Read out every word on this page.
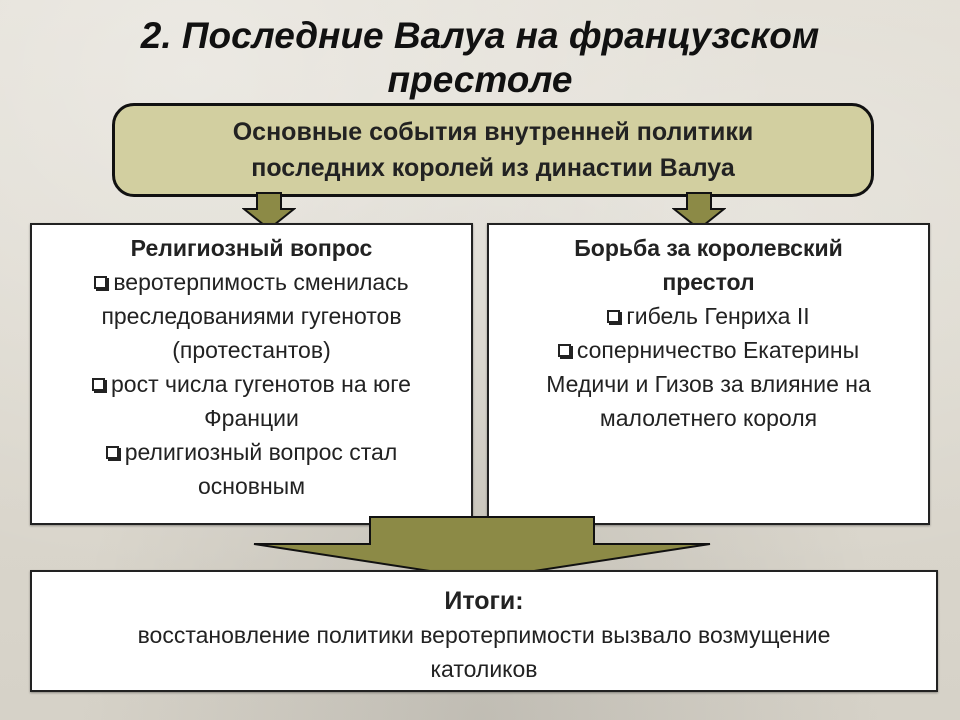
2. Последние Валуа на французском
престоле
Основные события внутренней политики
последних королей из династии Валуа
Религиозный вопрос
веротерпимость сменилась
преследованиями гугенотов
(протестантов)
рост числа гугенотов на юге
Франции
религиозный вопрос стал
основным
Борьба за королевский
престол
гибель Генриха II
соперничество Екатерины
Медичи и Гизов за влияние на
малолетнего короля
Итоги:
восстановление политики веротерпимости вызвало возмущение
католиков
